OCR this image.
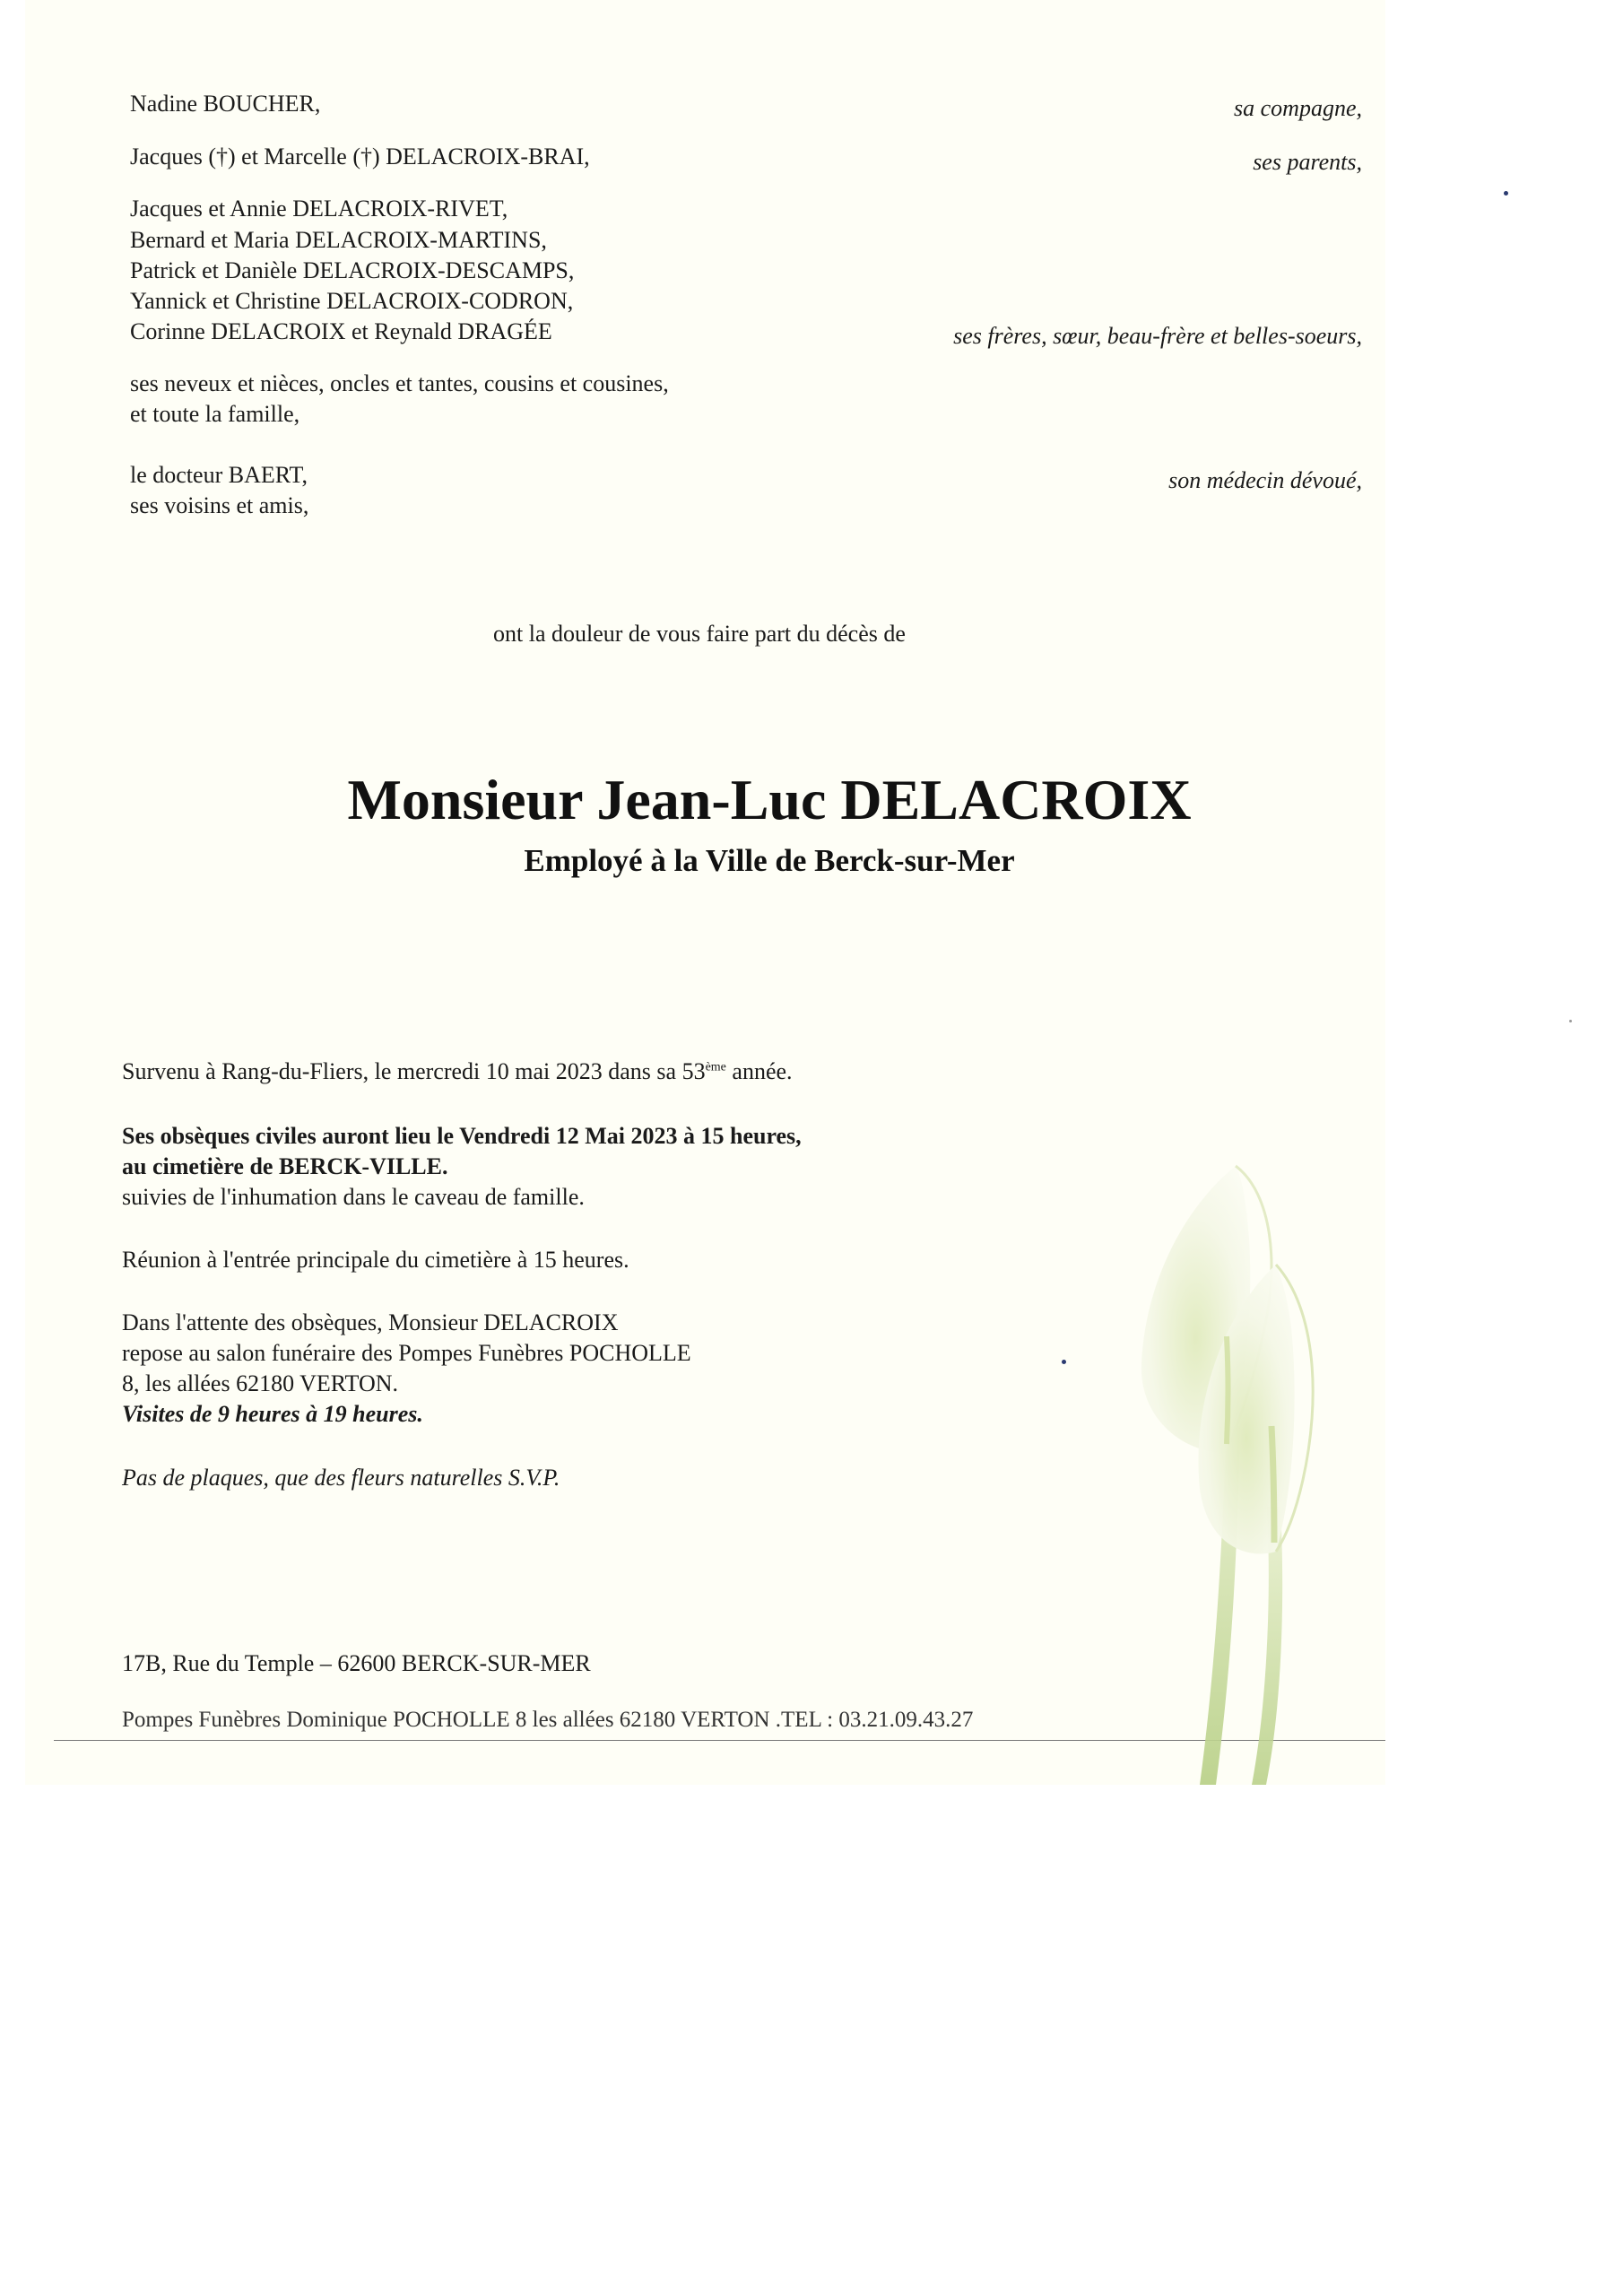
Nadine BOUCHER,	sa compagne,
Jacques (†) et Marcelle (†) DELACROIX-BRAI,	ses parents,
Jacques et Annie DELACROIX-RIVET,
Bernard et Maria DELACROIX-MARTINS,
Patrick et Danièle DELACROIX-DESCAMPS,
Yannick et Christine DELACROIX-CODRON,
Corinne DELACROIX et Reynald DRAGÉE	ses frères, sœur, beau-frère et belles-soeurs,
ses neveux et nièces, oncles et tantes, cousins et cousines,
et toute la famille,
le docteur BAERT,
ses voisins et amis,
son médecin dévoué,
ont la douleur de vous faire part du décès de
Monsieur Jean-Luc DELACROIX
Employé à la Ville de Berck-sur-Mer
Survenu à Rang-du-Fliers, le mercredi 10 mai 2023 dans sa 53ème année.
Ses obsèques civiles auront lieu le Vendredi 12 Mai 2023 à 15 heures,
au cimetière de BERCK-VILLE.
suivies de l'inhumation dans le caveau de famille.
Réunion à l'entrée principale du cimetière à 15 heures.
Dans l'attente des obsèques, Monsieur DELACROIX
repose au salon funéraire des Pompes Funèbres POCHOLLE
8, les allées 62180 VERTON.
Visites de 9 heures à 19 heures.
Pas de plaques, que des fleurs naturelles S.V.P.
17B, Rue du Temple – 62600 BERCK-SUR-MER
Pompes Funèbres Dominique POCHOLLE 8 les allées 62180 VERTON .TEL : 03.21.09.43.27
